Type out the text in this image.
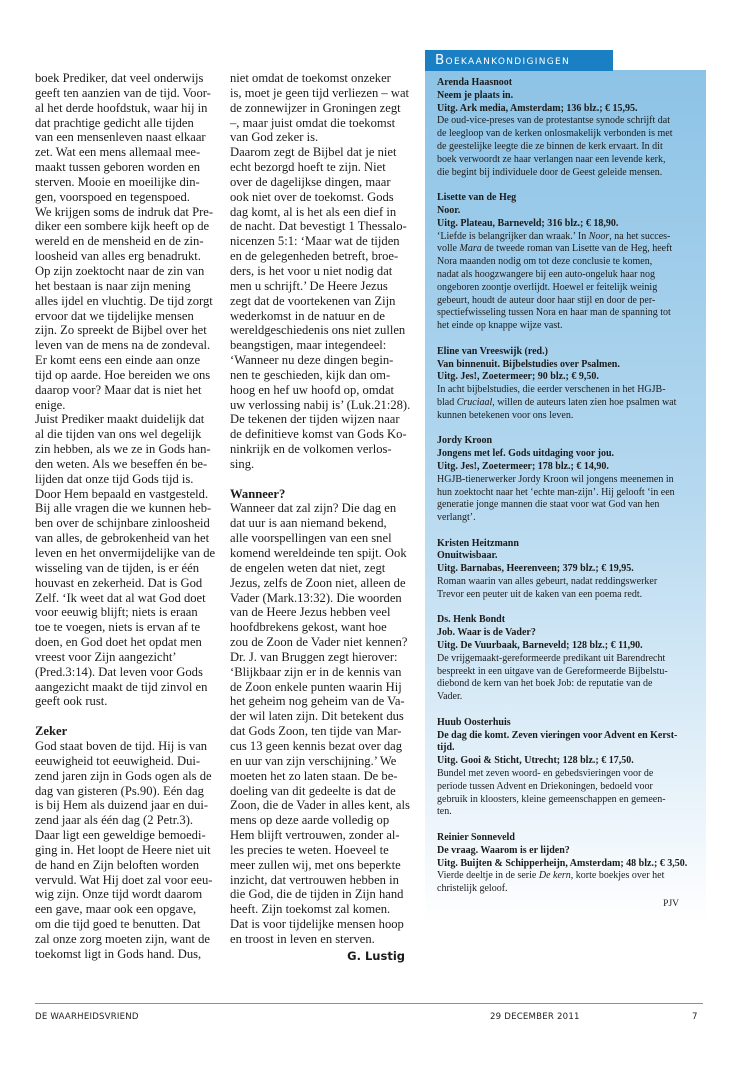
boek Prediker, dat veel onderwijs
geeft ten aanzien van de tijd. Voor-
al het derde hoofdstuk, waar hij in
dat prachtige gedicht alle tijden
van een mensenleven naast elkaar
zet. Wat een mens allemaal mee-
maakt tussen geboren worden en
sterven. Mooie en moeilijke din-
gen, voorspoed en tegenspoed.
We krijgen soms de indruk dat Pre-
diker een sombere kijk heeft op de
wereld en de mensheid en de zin-
loosheid van alles erg benadrukt.
Op zijn zoektocht naar de zin van
het bestaan is naar zijn mening
alles ijdel en vluchtig. De tijd zorgt
ervoor dat we tijdelijke mensen
zijn. Zo spreekt de Bijbel over het
leven van de mens na de zondeval.
Er komt eens een einde aan onze
tijd op aarde. Hoe bereiden we ons
daarop voor? Maar dat is niet het
enige.
Juist Prediker maakt duidelijk dat
al die tijden van ons wel degelijk
zin hebben, als we ze in Gods han-
den weten. Als we beseffen én be-
lijden dat onze tijd Gods tijd is.
Door Hem bepaald en vastgesteld.
Bij alle vragen die we kunnen heb-
ben over de schijnbare zinloosheid
van alles, de gebrokenheid van het
leven en het onvermijdelijke van de
wisseling van de tijden, is er één
houvast en zekerheid. Dat is God
Zelf. ‘Ik weet dat al wat God doet
voor eeuwig blijft; niets is eraan
toe te voegen, niets is ervan af te
doen, en God doet het opdat men
vreest voor Zijn aangezicht’
(Pred.3:14). Dat leven voor Gods
aangezicht maakt de tijd zinvol en
geeft ook rust.
Zeker
God staat boven de tijd. Hij is van
eeuwigheid tot eeuwigheid. Dui-
zend jaren zijn in Gods ogen als de
dag van gisteren (Ps.90). Eén dag
is bij Hem als duizend jaar en dui-
zend jaar als één dag (2 Petr.3).
Daar ligt een geweldige bemoedi-
ging in. Het loopt de Heere niet uit
de hand en Zijn beloften worden
vervuld. Wat Hij doet zal voor eeu-
wig zijn. Onze tijd wordt daarom
een gave, maar ook een opgave,
om die tijd goed te benutten. Dat
zal onze zorg moeten zijn, want de
toekomst ligt in Gods hand. Dus,
niet omdat de toekomst onzeker
is, moet je geen tijd verliezen – wat
de zonnewijzer in Groningen zegt
–, maar juist omdat die toekomst
van God zeker is.
Daarom zegt de Bijbel dat je niet
echt bezorgd hoeft te zijn. Niet
over de dagelijkse dingen, maar
ook niet over de toekomst. Gods
dag komt, al is het als een dief in
de nacht. Dat bevestigt 1 Thessalo-
nicenzen 5:1: ‘Maar wat de tijden
en de gelegenheden betreft, broe-
ders, is het voor u niet nodig dat
men u schrijft.’ De Heere Jezus
zegt dat de voortekenen van Zijn
wederkomst in de natuur en de
wereldgeschiedenis ons niet zullen
beangstigen, maar integendeel:
‘Wanneer nu deze dingen begin-
nen te geschieden, kijk dan om-
hoog en hef uw hoofd op, omdat
uw verlossing nabij is’ (Luk.21:28).
De tekenen der tijden wijzen naar
de definitieve komst van Gods Ko-
ninkrijk en de volkomen verlos-
sing.
Wanneer?
Wanneer dat zal zijn? Die dag en
dat uur is aan niemand bekend,
alle voorspellingen van een snel
komend wereldeinde ten spijt. Ook
de engelen weten dat niet, zegt
Jezus, zelfs de Zoon niet, alleen de
Vader (Mark.13:32). Die woorden
van de Heere Jezus hebben veel
hoofdbrekens gekost, want hoe
zou de Zoon de Vader niet kennen?
Dr. J. van Bruggen zegt hierover:
‘Blijkbaar zijn er in de kennis van
de Zoon enkele punten waarin Hij
het geheim nog geheim van de Va-
der wil laten zijn. Dit betekent dus
dat Gods Zoon, ten tijde van Mar-
cus 13 geen kennis bezat over dag
en uur van zijn verschijning.’ We
moeten het zo laten staan. De be-
doeling van dit gedeelte is dat de
Zoon, die de Vader in alles kent, als
mens op deze aarde volledig op
Hem blijft vertrouwen, zonder al-
les precies te weten. Hoeveel te
meer zullen wij, met ons beperkte
inzicht, dat vertrouwen hebben in
die God, die de tijden in Zijn hand
heeft. Zijn toekomst zal komen.
Dat is voor tijdelijke mensen hoop
en troost in leven en sterven.
G. Lustig
Boekaankondigingen
Arenda Haasnoot
Neem je plaats in.
Uitg. Ark media, Amsterdam; 136 blz.; € 15,95.
De oud-vice-preses van de protestantse synode schrijft dat
de leegloop van de kerken onlosmakelijk verbonden is met
de geestelijke leegte die ze binnen de kerk ervaart. In dit
boek verwoordt ze haar verlangen naar een levende kerk,
die begint bij individuele door de Geest geleide mensen.
Lisette van de Heg
Noor.
Uitg. Plateau, Barneveld; 316 blz.; € 18,90.
‘Liefde is belangrijker dan wraak.’ In Noor, na het succes-
volle Mara de tweede roman van Lisette van de Heg, heeft
Nora maanden nodig om tot deze conclusie te komen,
nadat als hoogzwangere bij een auto-ongeluk haar nog
ongeboren zoontje overlijdt. Hoewel er feitelijk weinig
gebeurt, houdt de auteur door haar stijl en door de per-
spectiefwisseling tussen Nora en haar man de spanning tot
het einde op knappe wijze vast.
Eline van Vreeswijk (red.)
Van binnenuit. Bijbelstudies over Psalmen.
Uitg. Jes!, Zoetermeer; 90 blz.; € 9,50.
In acht bijbelstudies, die eerder verschenen in het HGJB-
blad Cruciaal, willen de auteurs laten zien hoe psalmen wat
kunnen betekenen voor ons leven.
Jordy Kroon
Jongens met lef. Gods uitdaging voor jou.
Uitg. Jes!, Zoetermeer; 178 blz.; € 14,90.
HGJB-tienerwerker Jordy Kroon wil jongens meenemen in
hun zoektocht naar het ‘echte man-zijn’. Hij gelooft ‘in een
generatie jonge mannen die staat voor wat God van hen
verlangt’.
Kristen Heitzmann
Onuitwisbaar.
Uitg. Barnabas, Heerenveen; 379 blz.; € 19,95.
Roman waarin van alles gebeurt, nadat reddingswerker
Trevor een peuter uit de kaken van een poema redt.
Ds. Henk Bondt
Job. Waar is de Vader?
Uitg. De Vuurbaak, Barneveld; 128 blz.; € 11,90.
De vrijgemaakt-gereformeerde predikant uit Barendrecht
bespreekt in een uitgave van de Gereformeerde Bijbelstu-
diebond de kern van het boek Job: de reputatie van de
Vader.
Huub Oosterhuis
De dag die komt. Zeven vieringen voor Advent en Kerst-
tijd.
Uitg. Gooi & Sticht, Utrecht; 128 blz.; € 17,50.
Bundel met zeven woord- en gebedsvieringen voor de
periode tussen Advent en Driekoningen, bedoeld voor
gebruik in kloosters, kleine gemeenschappen en gemeen-
ten.
Reinier Sonneveld
De vraag. Waarom is er lijden?
Uitg. Buijten & Schipperheijn, Amsterdam; 48 blz.; € 3,50.
Vierde deeltje in de serie De kern, korte boekjes over het
christelijk geloof.
PJV
DE WAARHEIDSVRIEND	29 DECEMBER 2011	7
